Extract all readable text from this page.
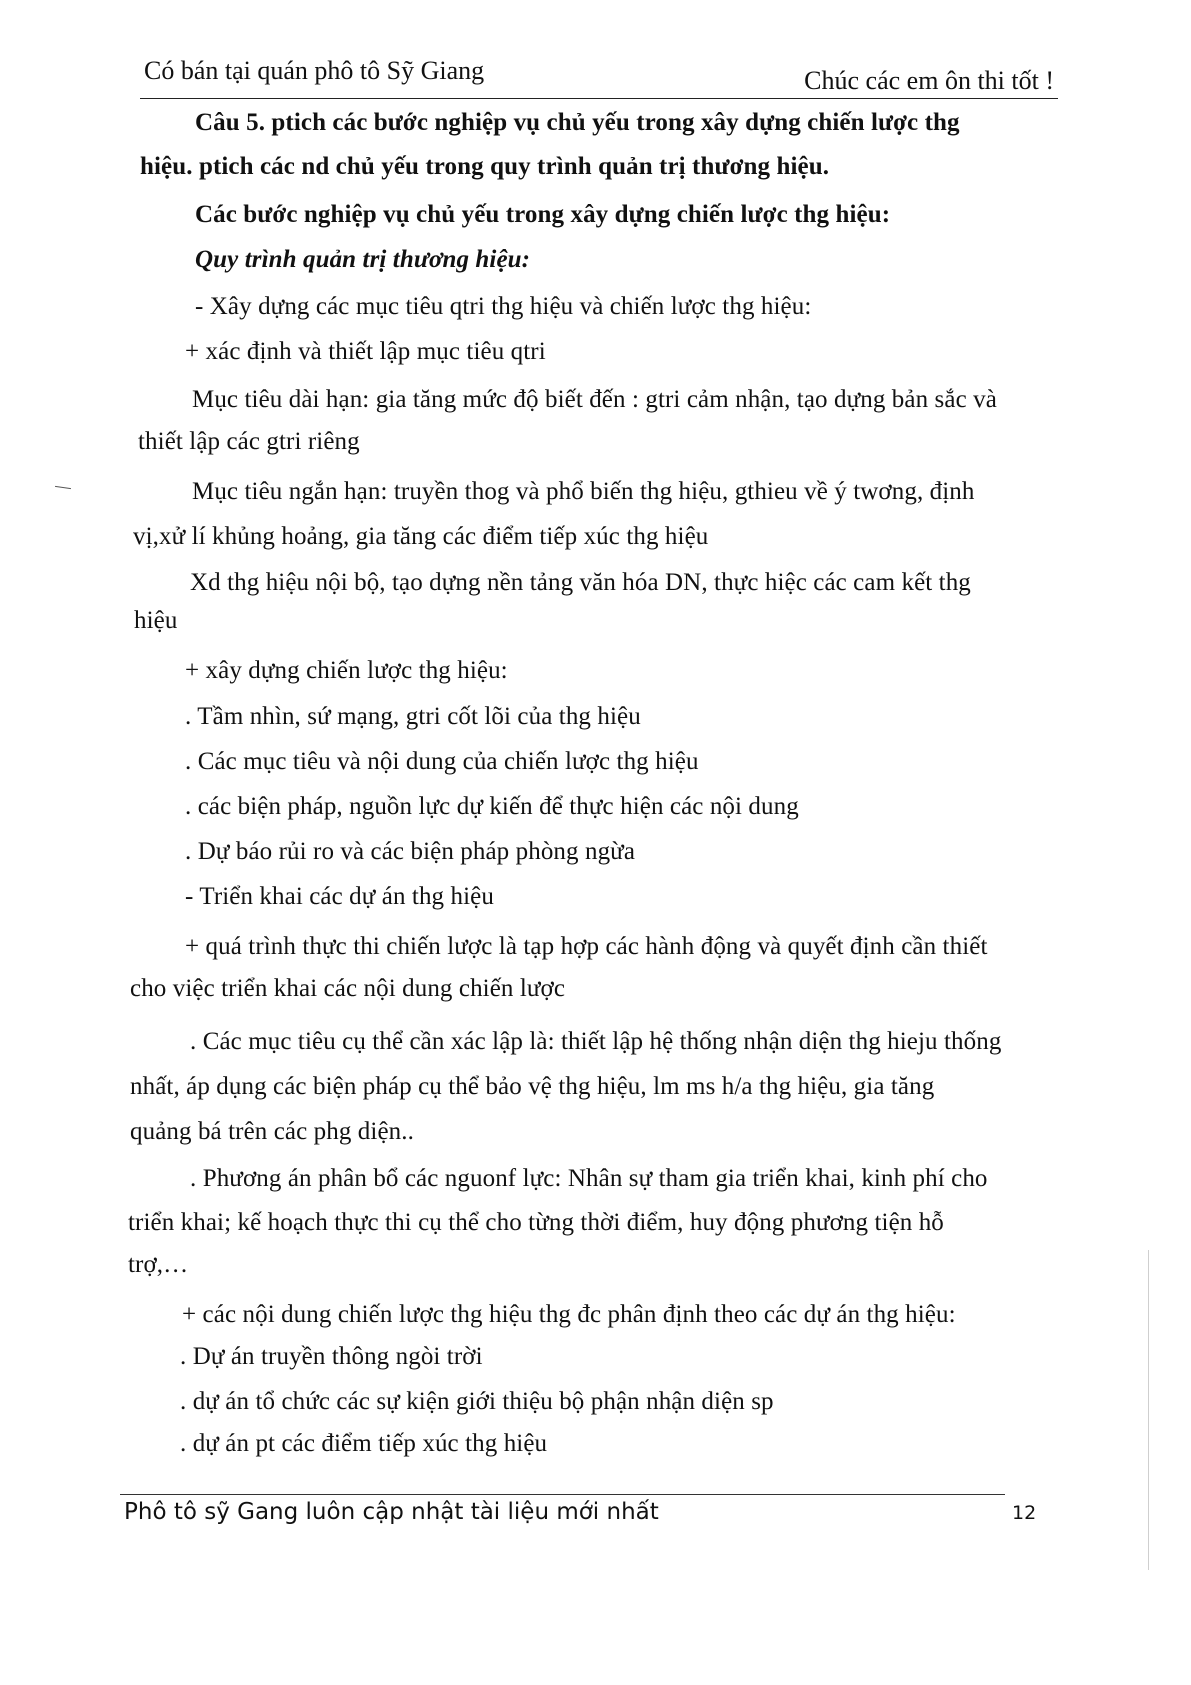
Có bán tại quán phô tô Sỹ Giang	Chúc các em ôn thi tốt !
Câu 5. ptich các bước nghiệp vụ chủ yếu trong xây dựng chiến lược thg
hiệu. ptich các nd chủ yếu trong quy trình quản trị thương hiệu.
Các bước nghiệp vụ chủ yếu trong xây dựng chiến lược thg hiệu:
Quy trình quản trị thương hiệu:
- Xây dựng các mục tiêu qtri thg hiệu và chiến lược thg hiệu:
+ xác định và thiết lập mục tiêu qtri
Mục tiêu dài hạn: gia tăng mức độ biết đến : gtri cảm nhận, tạo dựng bản sắc và
thiết lập các gtri riêng
Mục tiêu ngắn hạn: truyền thog và phổ biến thg hiệu, gthieu về ý twơng, định
vị,xử lí khủng hoảng, gia tăng các điểm tiếp xúc thg hiệu
Xd thg hiệu nội bộ, tạo dựng nền tảng văn hóa DN, thực hiệc các cam kết thg
hiệu
+ xây dựng chiến lược thg hiệu:
. Tầm nhìn, sứ mạng, gtri cốt lõi của thg hiệu
. Các mục tiêu và nội dung của chiến lược thg hiệu
. các biện pháp, nguồn lực dự kiến để thực hiện các nội dung
. Dự báo rủi ro và các biện pháp phòng ngừa
- Triển khai các dự án thg hiệu
+ quá trình thực thi chiến lược là tạp hợp các hành động và quyết định cần thiết
cho việc triển khai các nội dung chiến lược
. Các mục tiêu cụ thể cần xác lập là: thiết lập hệ thống nhận diện thg hieju thống
nhất, áp dụng các biện pháp cụ thể bảo vệ thg hiệu, lm ms h/a thg hiệu, gia tăng
quảng bá trên các phg diện..
. Phương án phân bổ các nguonf lực: Nhân sự tham gia triển khai, kinh phí cho
triển khai; kế hoạch thực thi cụ thể cho từng thời điểm, huy động phương tiện hỗ
trợ,…
+ các nội dung chiến lược thg hiệu thg đc phân định theo các dự án thg hiệu:
. Dự án truyền thông ngòi trời
. dự án tổ chức các sự kiện giới thiệu bộ phận nhận diện sp
. dự án pt các điểm tiếp xúc thg hiệu
Phô tô sỹ Gang luôn cập nhật tài liệu mới nhất	12
